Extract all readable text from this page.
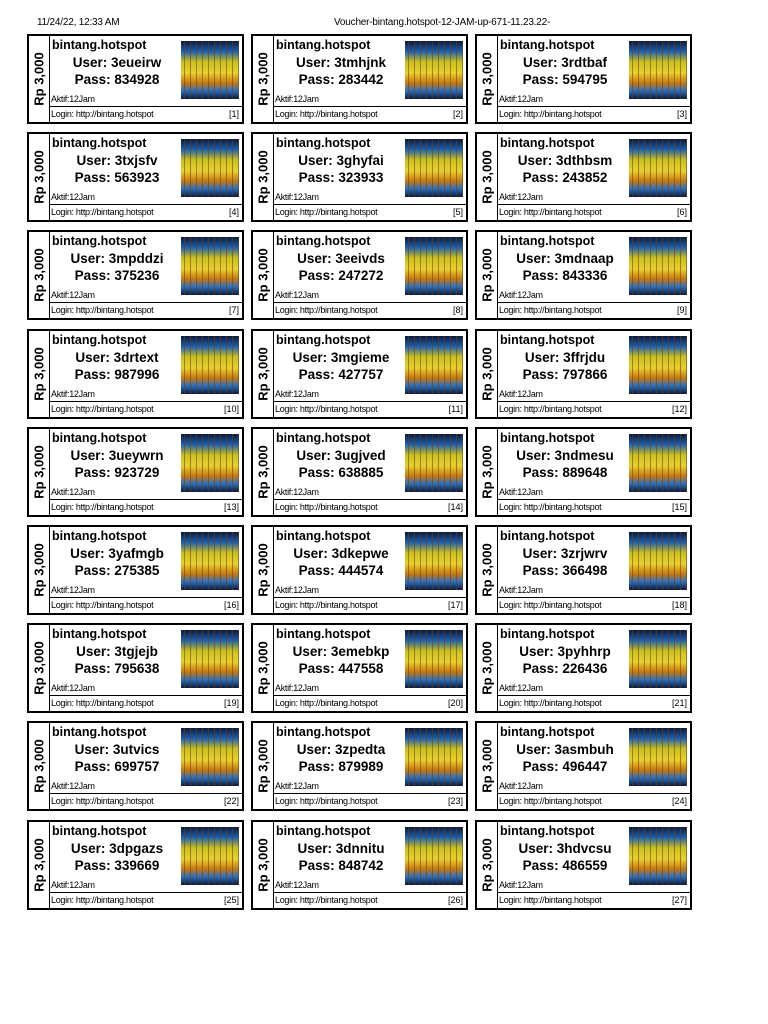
11/24/22, 12:33 AM	Voucher-bintang.hotspot-12-JAM-up-671-11.23.22-
Rp 3,000
bintang.hotspot
User: 3eueirw
Pass: 834928
Aktif:12Jam
Login: http://bintang.hotspot	[1]
Rp 3,000
bintang.hotspot
User: 3tmhjnk
Pass: 283442
Aktif:12Jam
Login: http://bintang.hotspot	[2]
Rp 3,000
bintang.hotspot
User: 3rdtbaf
Pass: 594795
Aktif:12Jam
Login: http://bintang.hotspot	[3]
Rp 3,000
bintang.hotspot
User: 3txjsfv
Pass: 563923
Aktif:12Jam
Login: http://bintang.hotspot	[4]
Rp 3,000
bintang.hotspot
User: 3ghyfai
Pass: 323933
Aktif:12Jam
Login: http://bintang.hotspot	[5]
Rp 3,000
bintang.hotspot
User: 3dthbsm
Pass: 243852
Aktif:12Jam
Login: http://bintang.hotspot	[6]
Rp 3,000
bintang.hotspot
User: 3mpddzi
Pass: 375236
Aktif:12Jam
Login: http://bintang.hotspot	[7]
Rp 3,000
bintang.hotspot
User: 3eeivds
Pass: 247272
Aktif:12Jam
Login: http://bintang.hotspot	[8]
Rp 3,000
bintang.hotspot
User: 3mdnaap
Pass: 843336
Aktif:12Jam
Login: http://bintang.hotspot	[9]
Rp 3,000
bintang.hotspot
User: 3drtext
Pass: 987996
Aktif:12Jam
Login: http://bintang.hotspot	[10]
Rp 3,000
bintang.hotspot
User: 3mgieme
Pass: 427757
Aktif:12Jam
Login: http://bintang.hotspot	[11]
Rp 3,000
bintang.hotspot
User: 3ffrjdu
Pass: 797866
Aktif:12Jam
Login: http://bintang.hotspot	[12]
Rp 3,000
bintang.hotspot
User: 3ueywrn
Pass: 923729
Aktif:12Jam
Login: http://bintang.hotspot	[13]
Rp 3,000
bintang.hotspot
User: 3ugjved
Pass: 638885
Aktif:12Jam
Login: http://bintang.hotspot	[14]
Rp 3,000
bintang.hotspot
User: 3ndmesu
Pass: 889648
Aktif:12Jam
Login: http://bintang.hotspot	[15]
Rp 3,000
bintang.hotspot
User: 3yafmgb
Pass: 275385
Aktif:12Jam
Login: http://bintang.hotspot	[16]
Rp 3,000
bintang.hotspot
User: 3dkepwe
Pass: 444574
Aktif:12Jam
Login: http://bintang.hotspot	[17]
Rp 3,000
bintang.hotspot
User: 3zrjwrv
Pass: 366498
Aktif:12Jam
Login: http://bintang.hotspot	[18]
Rp 3,000
bintang.hotspot
User: 3tgjejb
Pass: 795638
Aktif:12Jam
Login: http://bintang.hotspot	[19]
Rp 3,000
bintang.hotspot
User: 3emebkp
Pass: 447558
Aktif:12Jam
Login: http://bintang.hotspot	[20]
Rp 3,000
bintang.hotspot
User: 3pyhhrp
Pass: 226436
Aktif:12Jam
Login: http://bintang.hotspot	[21]
Rp 3,000
bintang.hotspot
User: 3utvics
Pass: 699757
Aktif:12Jam
Login: http://bintang.hotspot	[22]
Rp 3,000
bintang.hotspot
User: 3zpedta
Pass: 879989
Aktif:12Jam
Login: http://bintang.hotspot	[23]
Rp 3,000
bintang.hotspot
User: 3asmbuh
Pass: 496447
Aktif:12Jam
Login: http://bintang.hotspot	[24]
Rp 3,000
bintang.hotspot
User: 3dpgazs
Pass: 339669
Aktif:12Jam
Login: http://bintang.hotspot	[25]
Rp 3,000
bintang.hotspot
User: 3dnnitu
Pass: 848742
Aktif:12Jam
Login: http://bintang.hotspot	[26]
Rp 3,000
bintang.hotspot
User: 3hdvcsu
Pass: 486559
Aktif:12Jam
Login: http://bintang.hotspot	[27]
